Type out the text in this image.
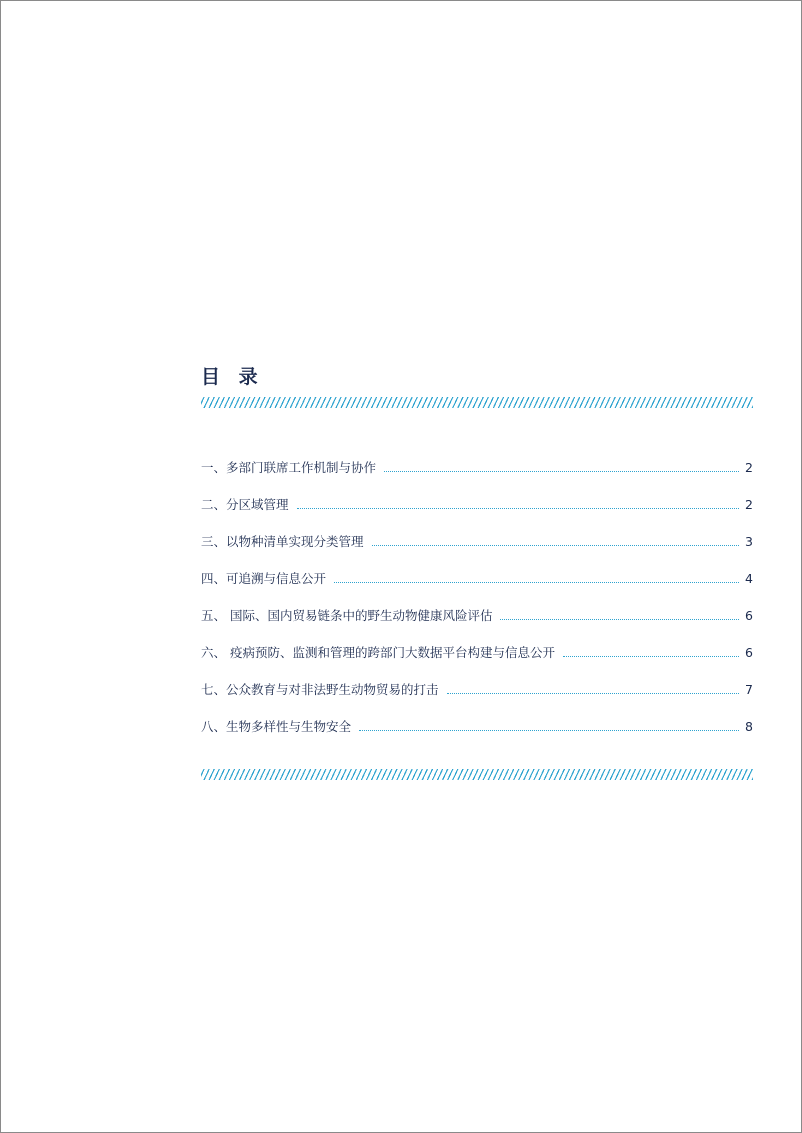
目 录
一、多部门联席工作机制与协作	2
二、分区域管理	2
三、以物种清单实现分类管理	3
四、可追溯与信息公开	4
五、 国际、国内贸易链条中的野生动物健康风险评估	6
六、 疫病预防、监测和管理的跨部门大数据平台构建与信息公开	6
七、公众教育与对非法野生动物贸易的打击	7
八、生物多样性与生物安全	8
